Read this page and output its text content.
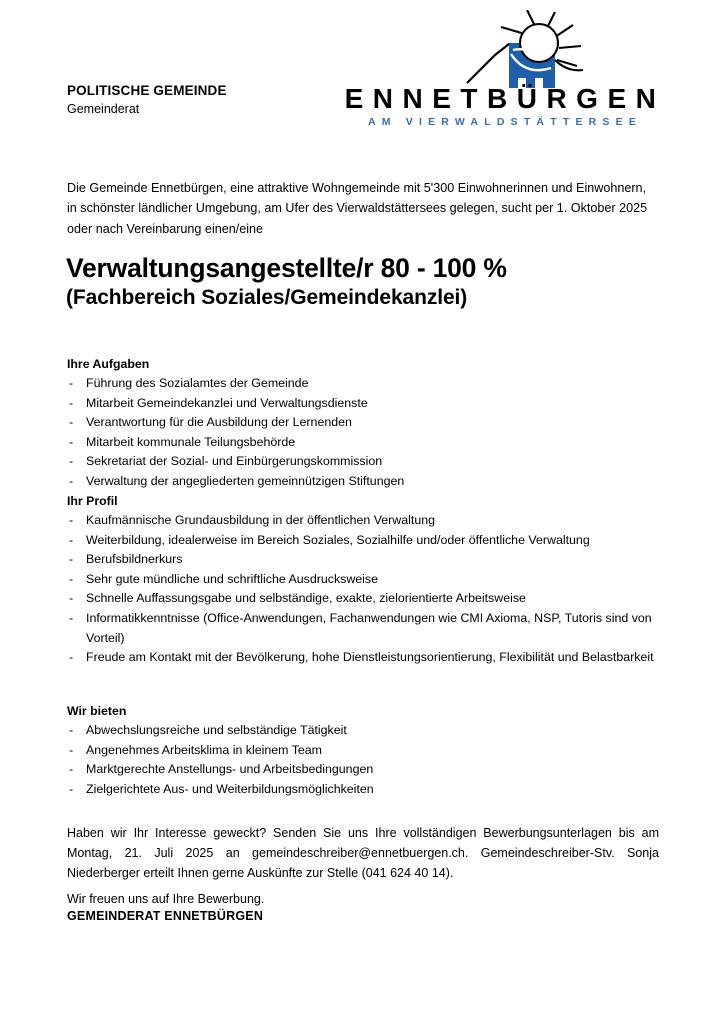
POLITISCHE GEMEINDE
Gemeinderat	ENNETBÜRGEN
AM VIERWALDSTÄTTERSEE

Die Gemeinde Ennetbürgen, eine attraktive Wohngemeinde mit 5'300 Einwohnerinnen und Einwohnern, in schönster ländlicher Umgebung, am Ufer des Vierwaldstättersees gelegen, sucht per 1. Oktober 2025 oder nach Vereinbarung einen/eine

Verwaltungsangestellte/r 80 - 100 %
(Fachbereich Soziales/Gemeindekanzlei)
Ihre Aufgaben
- Führung des Sozialamtes der Gemeinde
- Mitarbeit Gemeindekanzlei und Verwaltungsdienste
- Verantwortung für die Ausbildung der Lernenden
- Mitarbeit kommunale Teilungsbehörde
- Sekretariat der Sozial- und Einbürgerungskommission
- Verwaltung der angegliederten gemeinnützigen Stiftungen
Ihr Profil
- Kaufmännische Grundausbildung in der öffentlichen Verwaltung
- Weiterbildung, idealerweise im Bereich Soziales, Sozialhilfe und/oder öffentliche Verwaltung
- Berufsbildnerkurs
- Sehr gute mündliche und schriftliche Ausdrucksweise
- Schnelle Auffassungsgabe und selbständige, exakte, zielorientierte Arbeitsweise
- Informatikkenntnisse (Office-Anwendungen, Fachanwendungen wie CMI Axioma, NSP, Tutoris sind von Vorteil)
- Freude am Kontakt mit der Bevölkerung, hohe Dienstleistungsorientierung, Flexibilität und Belastbarkeit
Wir bieten
- Abwechslungsreiche und selbständige Tätigkeit
- Angenehmes Arbeitsklima in kleinem Team
- Marktgerechte Anstellungs- und Arbeitsbedingungen
- Zielgerichtete Aus- und Weiterbildungsmöglichkeiten

Haben wir Ihr Interesse geweckt? Senden Sie uns Ihre vollständigen Bewerbungsunterlagen bis am Montag, 21. Juli 2025 an gemeindeschreiber@ennetbuergen.ch. Gemeindeschreiber-Stv. Sonja Niederberger erteilt Ihnen gerne Auskünfte zur Stelle (041 624 40 14).

Wir freuen uns auf Ihre Bewerbung.

GEMEINDERAT ENNETBÜRGEN
